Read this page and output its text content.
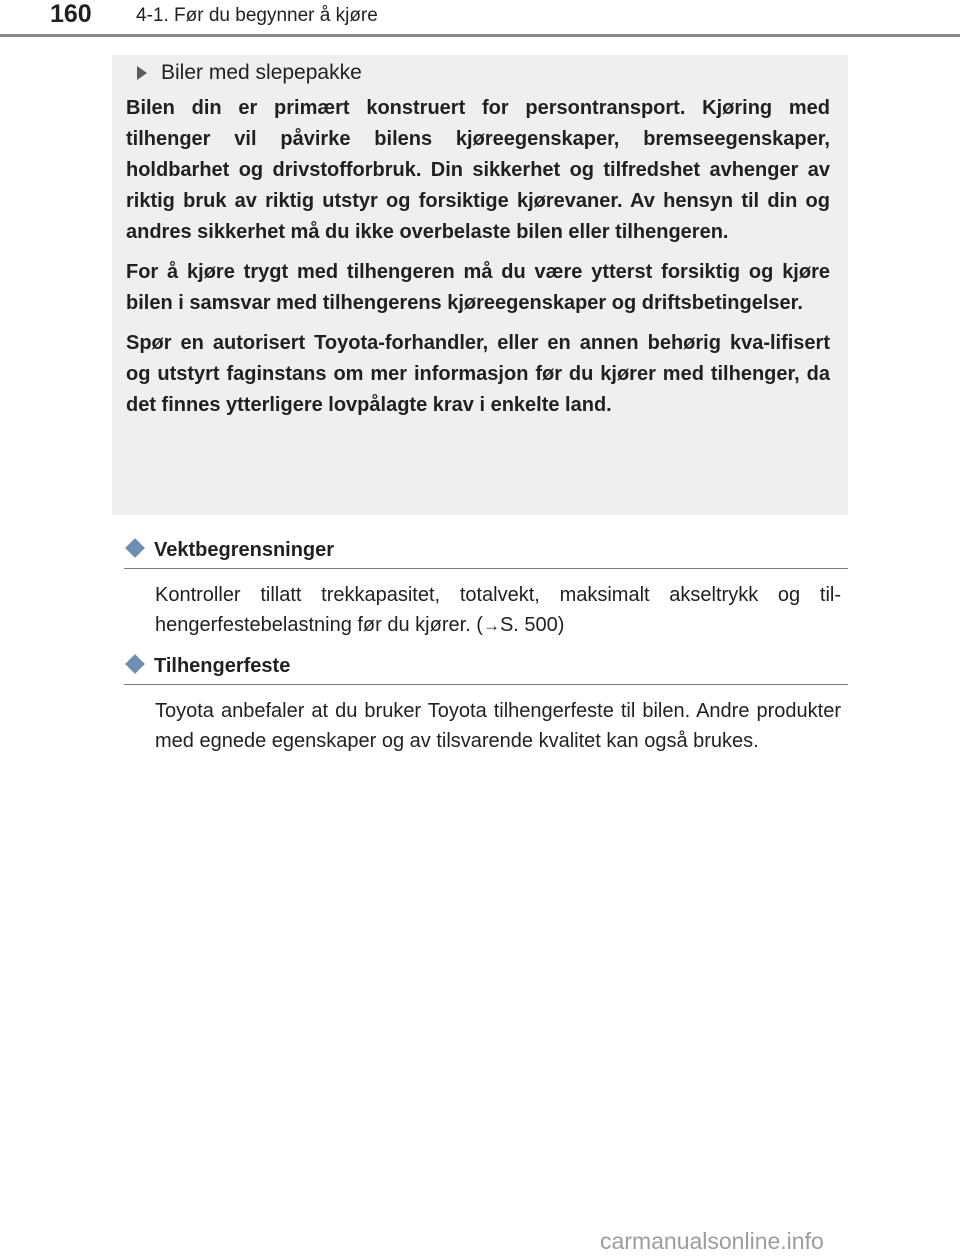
160 4-1. Før du begynner å kjøre
Biler med slepepakke

Bilen din er primært konstruert for persontransport. Kjøring med tilhenger vil påvirke bilens kjøreegenskaper, bremseegenskaper, holdbarhet og drivstofforbruk. Din sikkerhet og tilfredshet avhenger av riktig bruk av riktig utstyr og forsiktige kjørevaner. Av hensyn til din og andres sikkerhet må du ikke overbelaste bilen eller tilhengeren.

For å kjøre trygt med tilhengeren må du være ytterst forsiktig og kjøre bilen i samsvar med tilhengerens kjøreegenskaper og driftsbetingelser.

Spør en autorisert Toyota-forhandler, eller en annen behørig kva-lifisert og utstyrt faginstans om mer informasjon før du kjører med tilhenger, da det finnes ytterligere lovpålagte krav i enkelte land.

Vektbegrensninger
Kontroller tillatt trekkapasitet, totalvekt, maksimalt akseltrykk og til-hengerfestebelastning før du kjører. (→S. 500)
Tilhengerfeste
Toyota anbefaler at du bruker Toyota tilhengerfeste til bilen. Andre produkter med egnede egenskaper og av tilsvarende kvalitet kan også brukes.
carmanualsonline.info
